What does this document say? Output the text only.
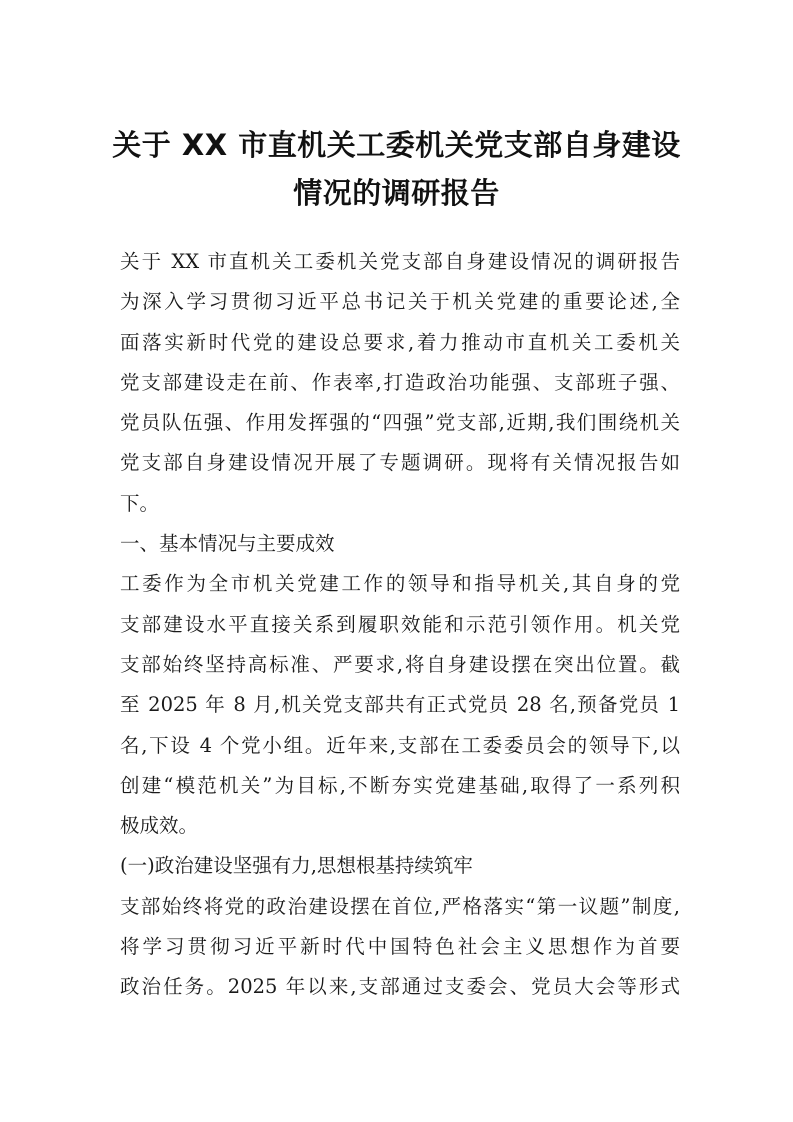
关于 XX 市直机关工委机关党支部自身建设
情况的调研报告
关于 XX 市直机关工委机关党支部自身建设情况的调研报告
为深入学习贯彻习近平总书记关于机关党建的重要论述,全
面落实新时代党的建设总要求,着力推动市直机关工委机关
党支部建设走在前、作表率,打造政治功能强、支部班子强、
党员队伍强、作用发挥强的“四强”党支部,近期,我们围绕机关
党支部自身建设情况开展了专题调研。现将有关情况报告如
下。
一、基本情况与主要成效
工委作为全市机关党建工作的领导和指导机关,其自身的党
支部建设水平直接关系到履职效能和示范引领作用。机关党
支部始终坚持高标准、严要求,将自身建设摆在突出位置。截
至 2025 年 8 月,机关党支部共有正式党员 28 名,预备党员 1
名,下设 4 个党小组。近年来,支部在工委委员会的领导下,以
创建“模范机关”为目标,不断夯实党建基础,取得了一系列积
极成效。
(一)政治建设坚强有力,思想根基持续筑牢
支部始终将党的政治建设摆在首位,严格落实“第一议题”制度,
将学习贯彻习近平新时代中国特色社会主义思想作为首要
政治任务。2025 年以来,支部通过支委会、党员大会等形式
